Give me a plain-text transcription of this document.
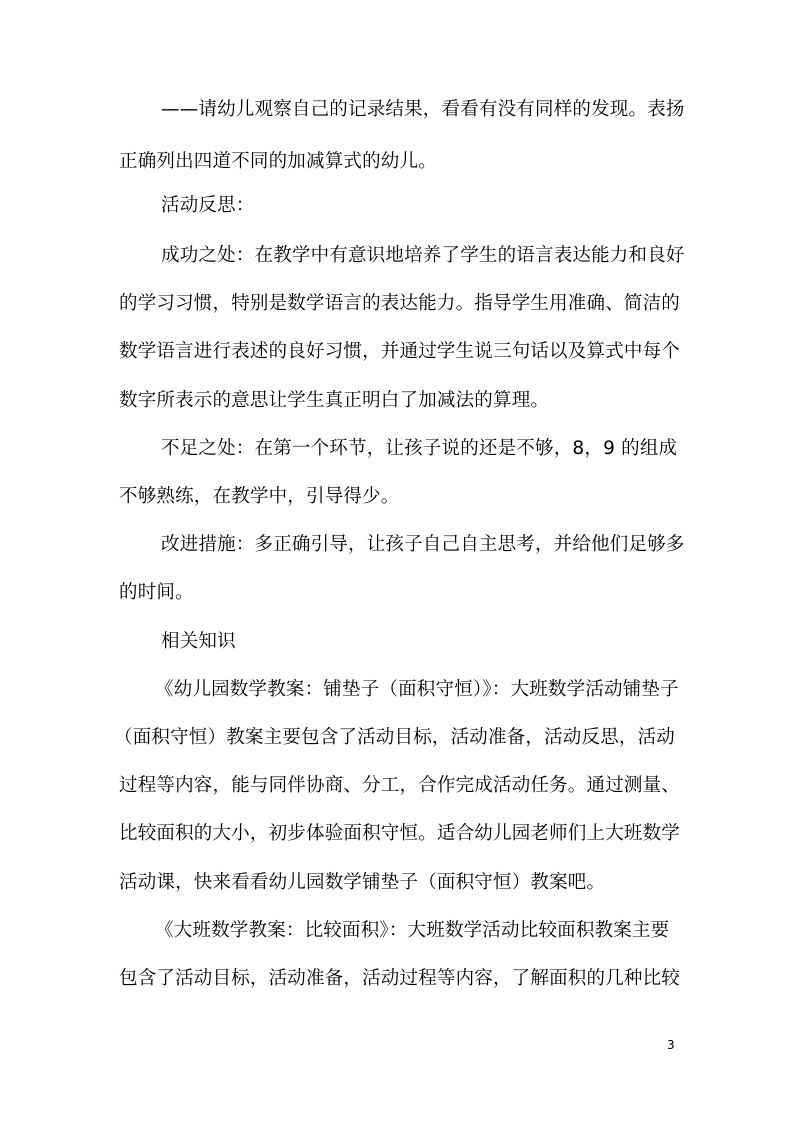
——请幼儿观察自己的记录结果，看看有没有同样的发现。表扬
正确列出四道不同的加减算式的幼儿。
活动反思：
成功之处：在教学中有意识地培养了学生的语言表达能力和良好
的学习习惯，特别是数学语言的表达能力。指导学生用准确、简洁的
数学语言进行表述的良好习惯，并通过学生说三句话以及算式中每个
数字所表示的意思让学生真正明白了加减法的算理。
不足之处：在第一个环节，让孩子说的还是不够，8，9 的组成
不够熟练，在教学中，引导得少。
改进措施：多正确引导，让孩子自己自主思考，并给他们足够多
的时间。
相关知识
《幼儿园数学教案：铺垫子（面积守恒）》：大班数学活动铺垫子
（面积守恒）教案主要包含了活动目标，活动准备，活动反思，活动
过程等内容，能与同伴协商、分工，合作完成活动任务。通过测量、
比较面积的大小，初步体验面积守恒。适合幼儿园老师们上大班数学
活动课，快来看看幼儿园数学铺垫子（面积守恒）教案吧。
《大班数学教案：比较面积》：大班数学活动比较面积教案主要
包含了活动目标，活动准备，活动过程等内容，了解面积的几种比较
3
